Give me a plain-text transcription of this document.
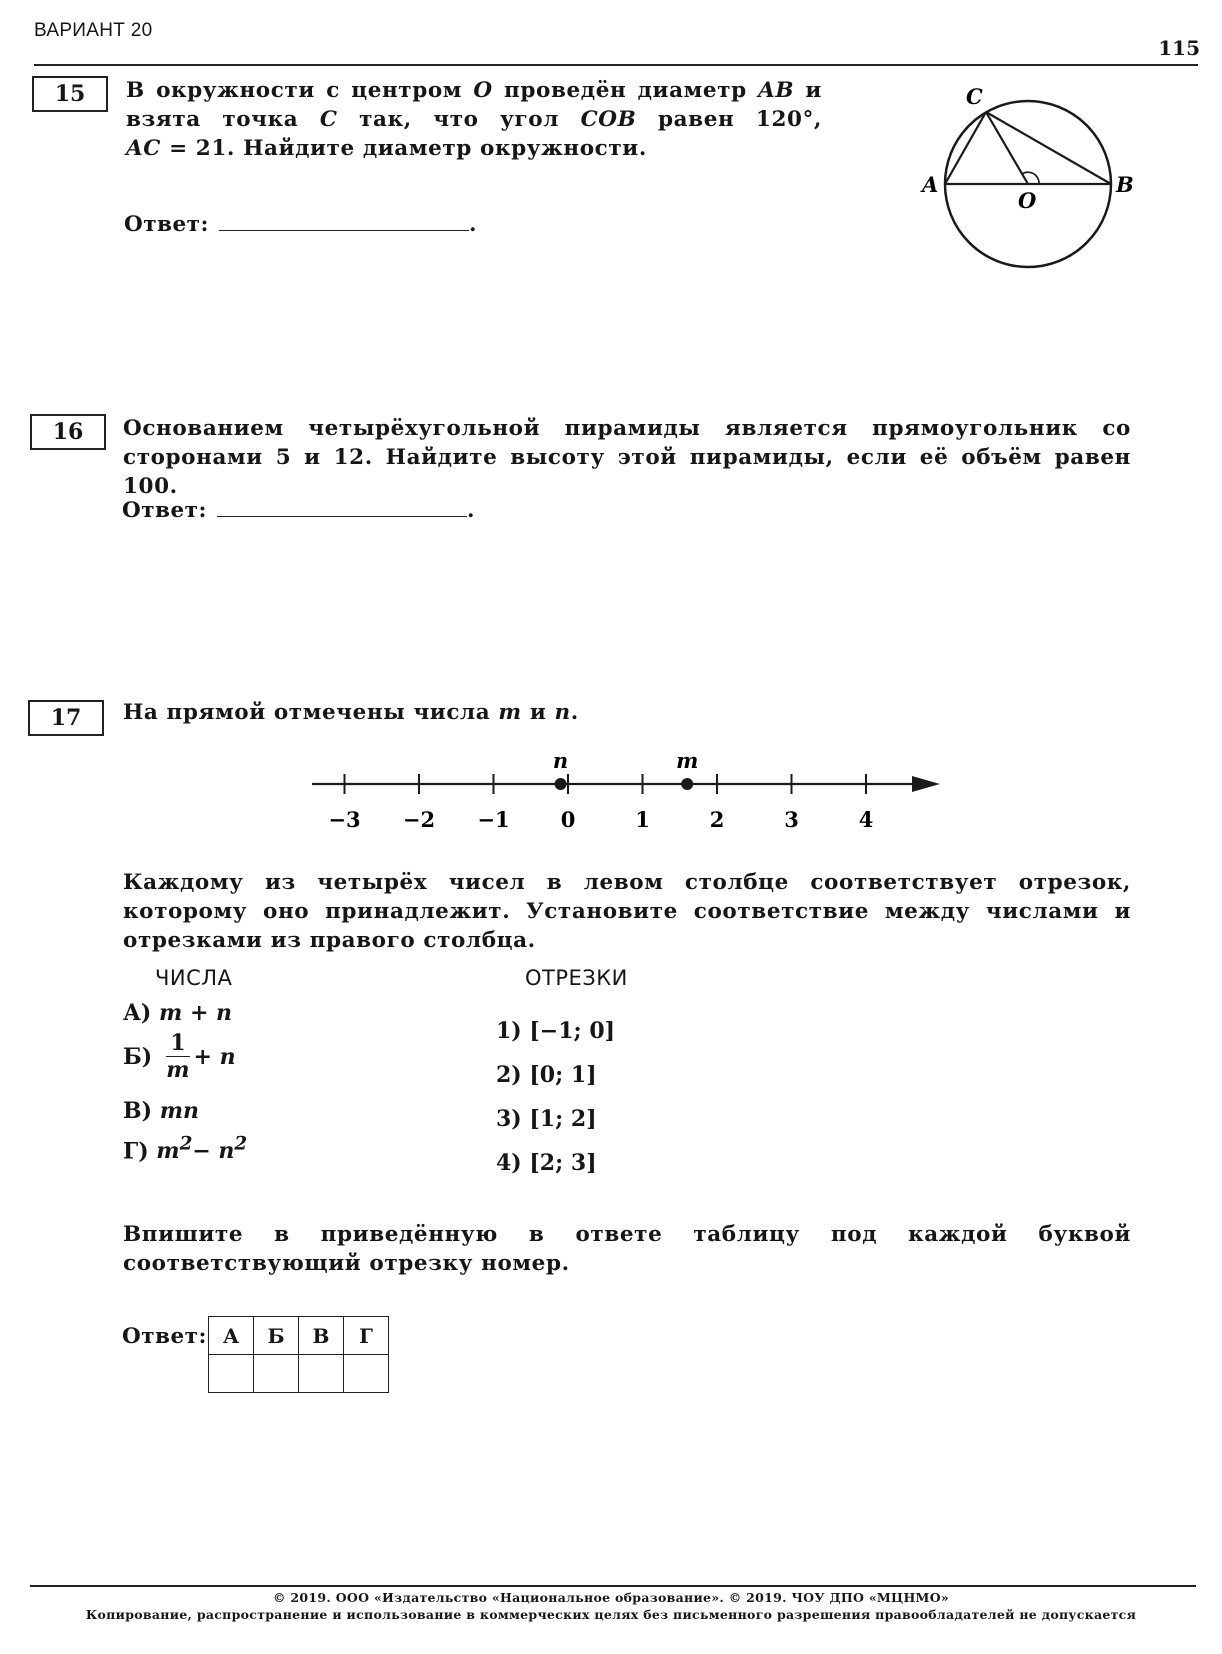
ВАРИАНТ 20
115
15 В окружности с центром O проведён диаметр AB и взята точка C так, что угол COB равен 120°, AC = 21. Найдите диаметр окружности.
Ответ:	.
C
A	B
O
16 Основанием четырёхугольной пирамиды является прямоугольник со сторонами 5 и 12. Найдите высоту этой пирамиды, если её объём равен 100.
Ответ:	.
17 На прямой отмечены числа m и n.
−3 −2 −1 0	1	2	3	4
n	m
Каждому из четырёх чисел в левом столбце соответствует отрезок, которому оно принадлежит. Установите соответствие между числами и отрезками из правого столбца.
ЧИСЛА	ОТРЕЗКИ
А) m + n
$Б) \frac{1}{m} + n$
В) mn
Г) $m^2- n^2$
1) [−1; 0]
2) [0; 1]
3) [1; 2]
4) [2; 3]
Впишите в приведённую в ответе таблицу под каждой буквой соответствующий отрезку номер.
Ответ: А	Б	В	Г

© 2019. ООО «Издательство «Национальное образование». © 2019. ЧОУ ДПО «МЦНМО»
Копирование, распространение и использование в коммерческих целях без письменного разрешения правообладателей не допускается
